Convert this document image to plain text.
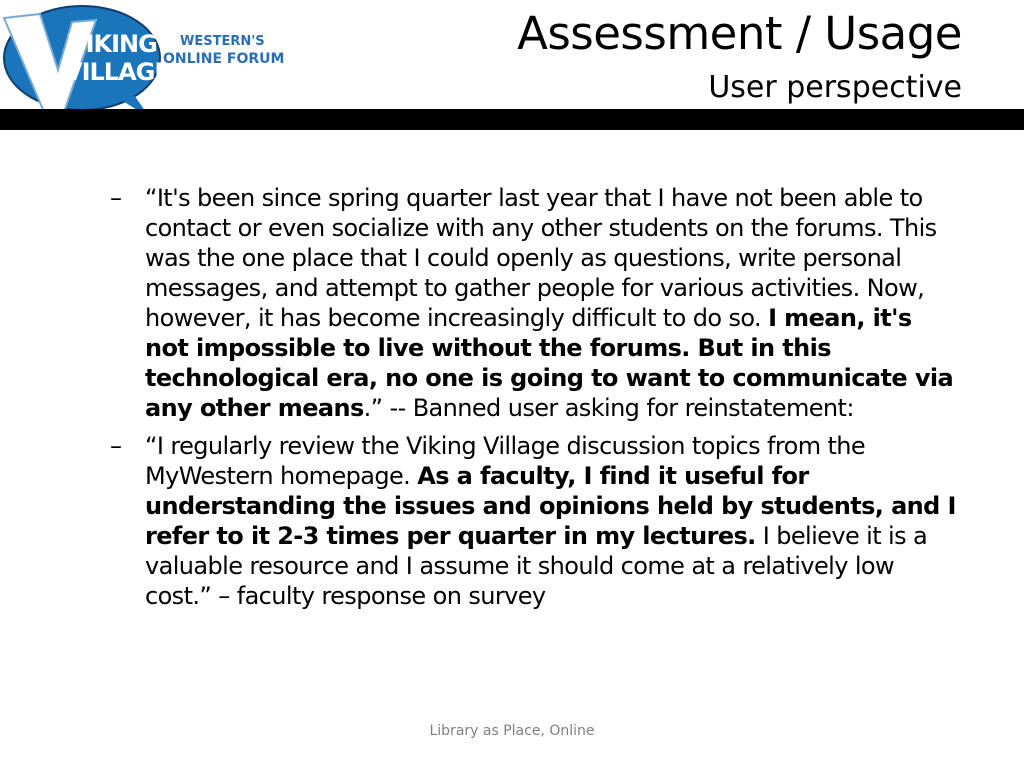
VIKING
VILLAGE
WESTERN'S
ONLINE FORUM	Assessment / Usage
User perspective
– “It's been since spring quarter last year that I have not been able to contact or even socialize with any other students on the forums. This was the one place that I could openly as questions, write personal messages, and attempt to gather people for various activities. Now, however, it has become increasingly difficult to do so. I mean, it's not impossible to live without the forums. But in this technological era, no one is going to want to communicate via any other means.” -- Banned user asking for reinstatement:
– “I regularly review the Viking Village discussion topics from the MyWestern homepage. As a faculty, I find it useful for understanding the issues and opinions held by students, and I refer to it 2-3 times per quarter in my lectures. I believe it is a valuable resource and I assume it should come at a relatively low cost.” – faculty response on survey
Library as Place, Online
